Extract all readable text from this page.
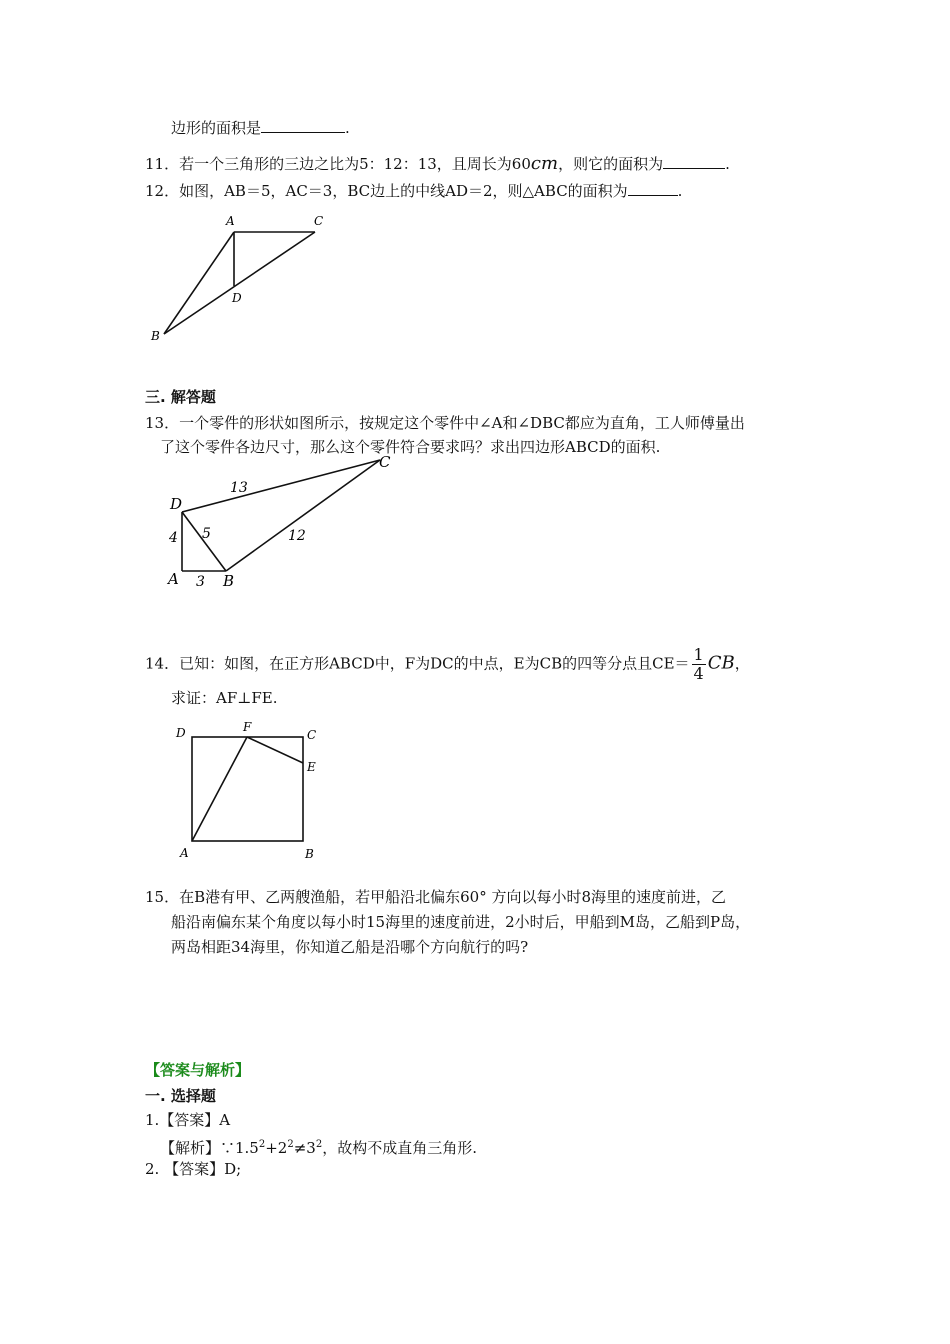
边形的面积是	.
11．若一个三角形的三边之比为5：12：13，且周长为60cm，则它的面积为	.
12．如图，AB＝5，AC＝3，BC边上的中线AD＝2，则△ABC的面积为	.
A	C
D
B
三. 解答题
13．一个零件的形状如图所示，按规定这个零件中∠A和∠DBC都应为直角，工人师傅量出
了这个零件各边尺寸，那么这个零件符合要求吗？求出四边形ABCD的面积.
D
C
A	B
13
4 5	12
3
14．已知：如图，在正方形ABCD中，F为DC的中点，E为CB的四等分点且$CE= \frac{1}{4}$ CB，
求证：AF⊥FE.
D	F
C
E
A	B
15．在B港有甲、乙两艘渔船，若甲船沿北偏东60° 方向以每小时8海里的速度前进，乙
船沿南偏东某个角度以每小时15海里的速度前进，2小时后，甲船到M岛，乙船到P岛，
两岛相距34海里，你知道乙船是沿哪个方向航行的吗?
【答案与解析】
一. 选择题
1.【答案】A
【解析】$\because 1.5^2+2^2\ne 3^2$，故构不成直角三角形.
2. 【答案】D;
